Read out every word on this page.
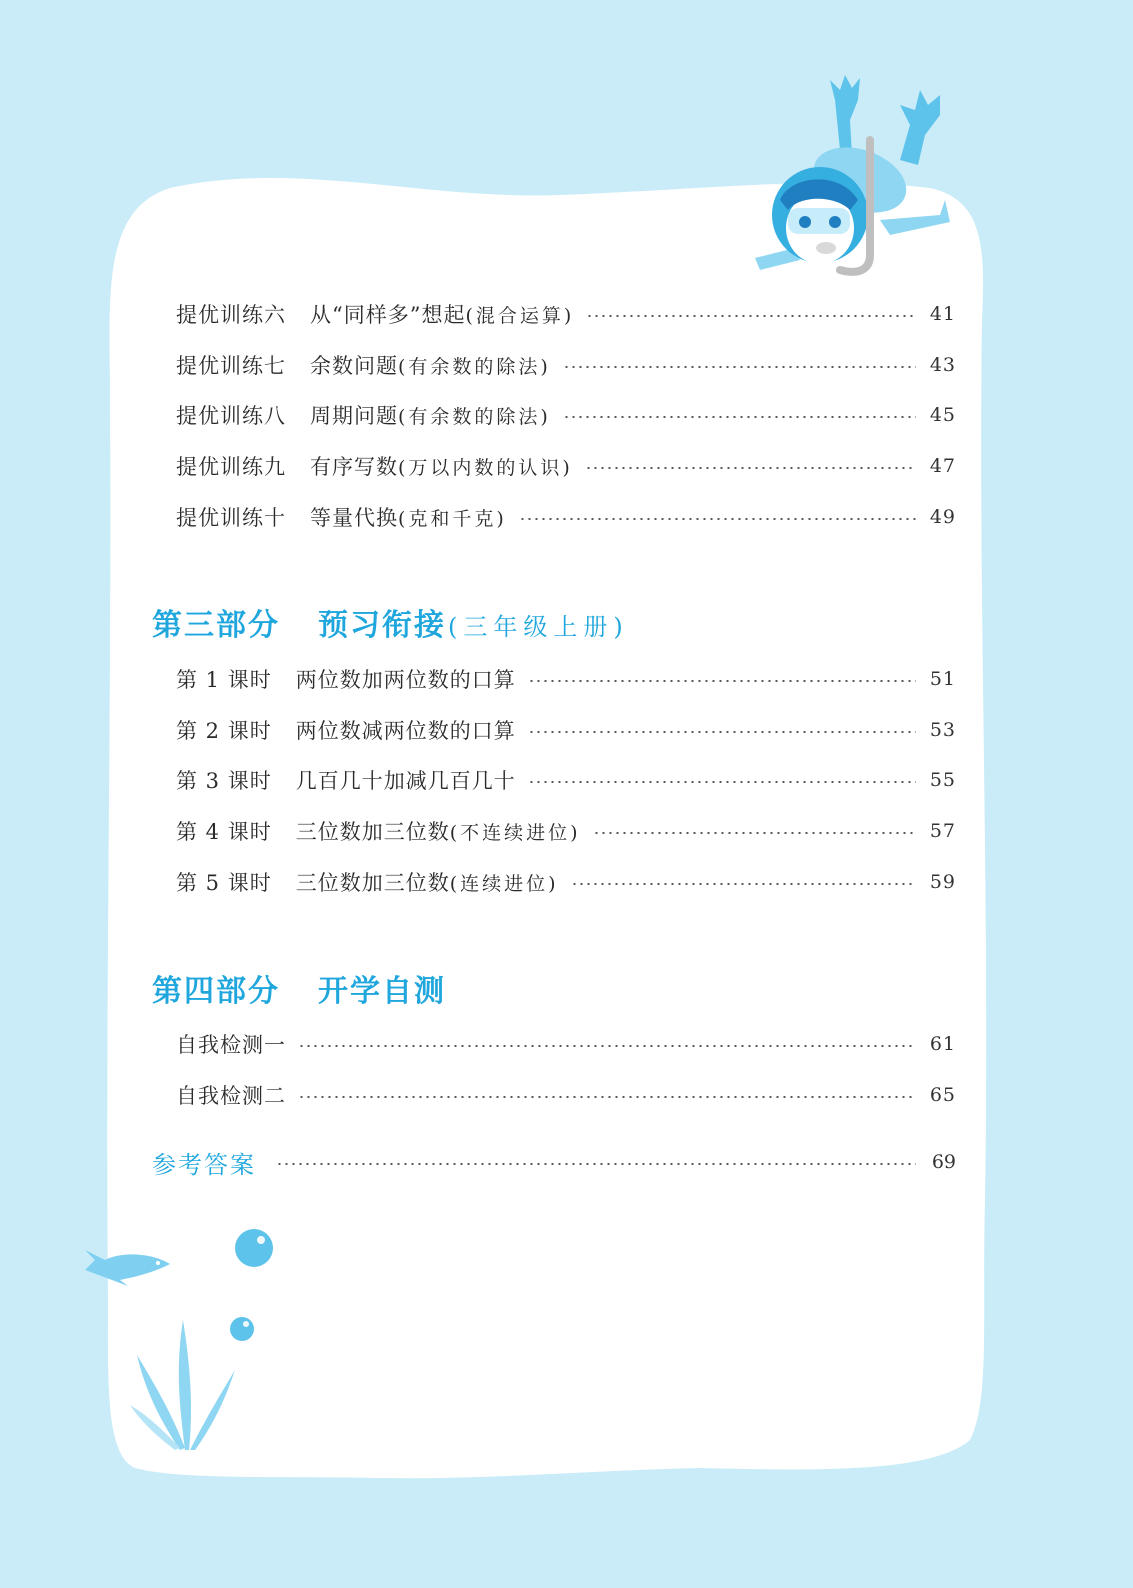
提优训练六 从“同样多”想起 (混合运算)	41
提优训练七 余数问题 (有余数的除法)	43
提优训练八 周期问题 (有余数的除法)	45
提优训练九 有序写数 (万以内数的认识)	47
提优训练十 等量代换 (克和千克)	49
第三部分 预习衔接 (三年级上册)
第 1 课时 两位数加两位数的口算	51
第 2 课时 两位数减两位数的口算	53
第 3 课时 几百几十加减几百几十	55
第 4 课时 三位数加三位数 (不连续进位)	57
第 5 课时 三位数加三位数 (连续进位)	59
第四部分 开学自测
自我检测一	61
自我检测二	65
参考答案	69
